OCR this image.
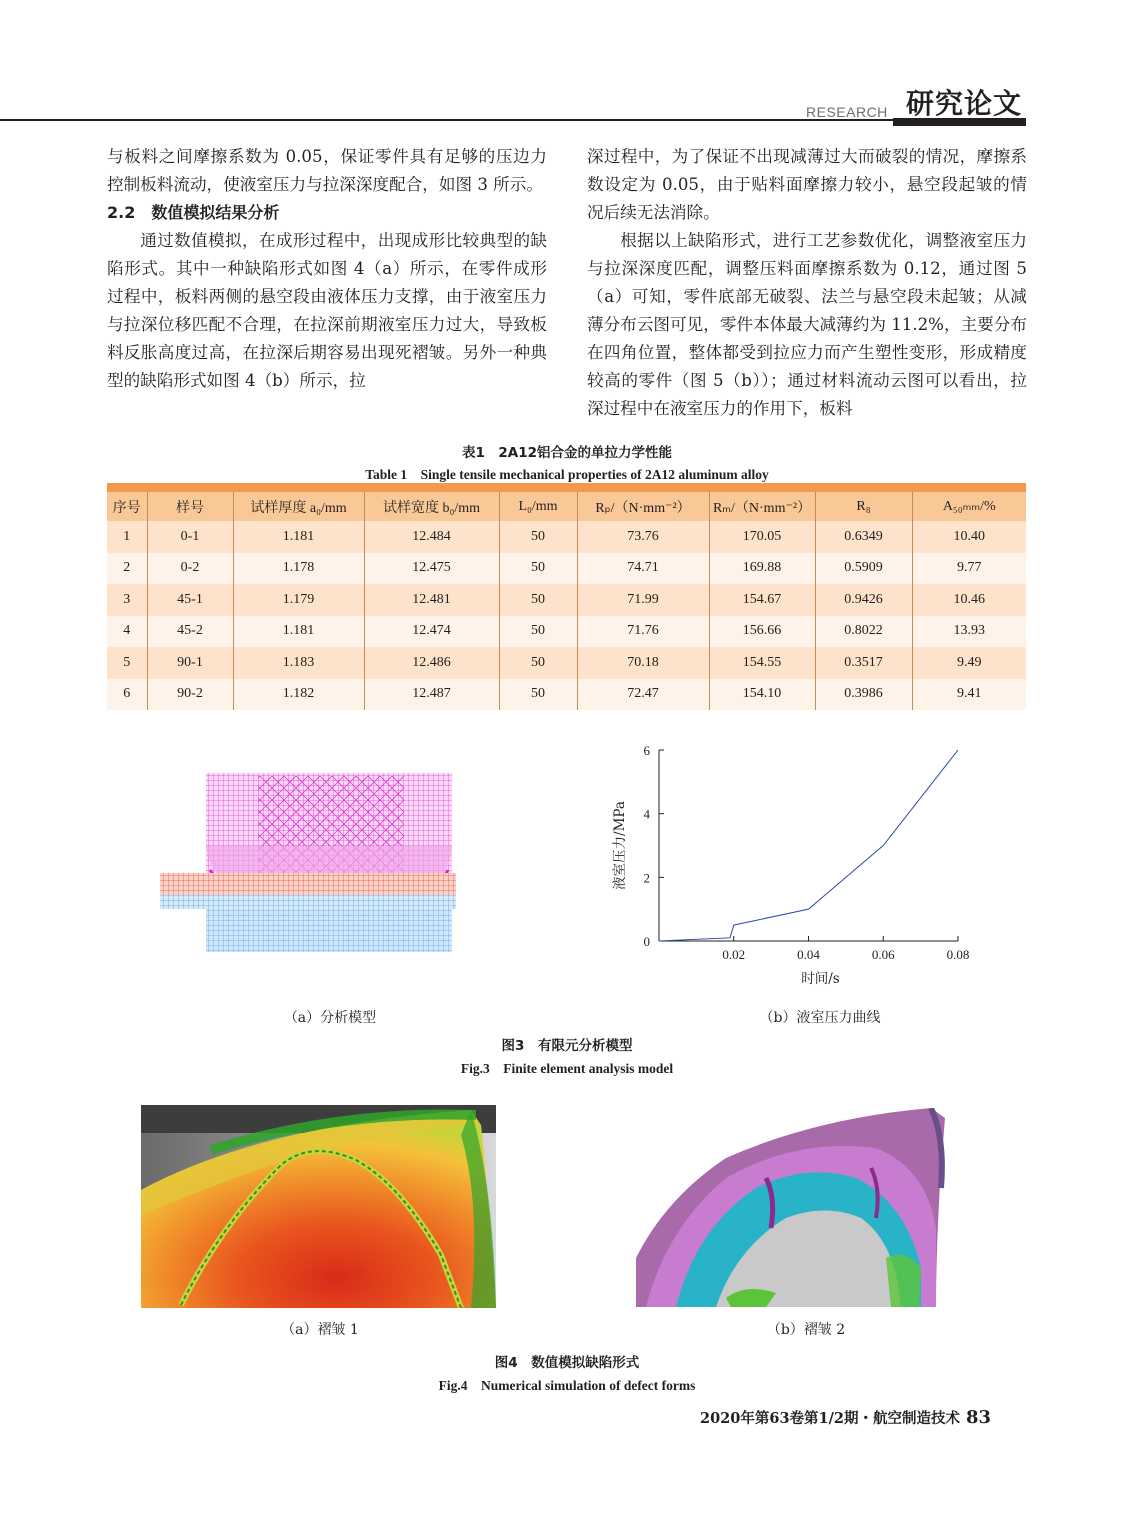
RESEARCH 研究论文

与板料之间摩擦系数为 0.05，保证零件具有足够的压边力控制板料流动，使液室压力与拉深深度配合，如图 3 所示。

2.2　数值模拟结果分析

通过数值模拟，在成形过程中，出现成形比较典型的缺陷形式。其中一种缺陷形式如图 4（a）所示，在零件成形过程中，板料两侧的悬空段由液体压力支撑，由于液室压力与拉深位移匹配不合理，在拉深前期液室压力过大，导致板料反胀高度过高，在拉深后期容易出现死褶皱。另外一种典型的缺陷形式如图 4（b）所示，拉

深过程中，为了保证不出现减薄过大而破裂的情况，摩擦系数设定为 0.05，由于贴料面摩擦力较小，悬空段起皱的情况后续无法消除。

根据以上缺陷形式，进行工艺参数优化，调整液室压力与拉深深度匹配，调整压料面摩擦系数为 0.12，通过图 5（a）可知，零件底部无破裂、法兰与悬空段未起皱；从减薄分布云图可见，零件本体最大减薄约为 11.2%，主要分布在四角位置，整体都受到拉应力而产生塑性变形，形成精度较高的零件（图 5（b））；通过材料流动云图可以看出，拉深过程中在液室压力的作用下，板料

表1　2A12铝合金的单拉力学性能
Table 1　Single tensile mechanical properties of 2A12 aluminum alloy
序号	样号	试样厚度 a₀/mm	试样宽度 b₀/mm	L₀/mm	Rₚ/（N·mm⁻²）	Rₘ/（N·mm⁻²）	R₈	A₅₀ₘₘ/%
1	0-1	1.181	12.484	50	73.76	170.05	0.6349	10.40
2	0-2	1.178	12.475	50	74.71	169.88	0.5909	9.77
3	45-1	1.179	12.481	50	71.99	154.67	0.9426	10.46
4	45-2	1.181	12.474	50	71.76	156.66	0.8022	13.93
5	90-1	1.183	12.486	50	70.18	154.55	0.3517	9.49
6	90-2	1.182	12.487	50	72.47	154.10	0.3986	9.41
0
2
4
6
0.02	0.04	0.06	0.08
时间/s
液室压力/MPa
（a）分析模型	（b）液室压力曲线
图3　有限元分析模型
Fig.3　Finite element analysis model
（a）褶皱 1	（b）褶皱 2
图4　数值模拟缺陷形式
Fig.4　Numerical simulation of defect forms
2020年第63卷第1/2期・航空制造技术 83
